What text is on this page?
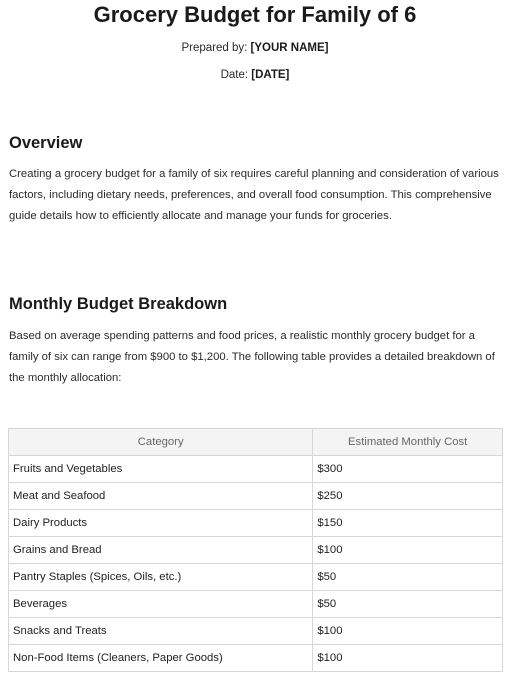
Grocery Budget for Family of 6
Prepared by: [YOUR NAME]
Date: [DATE]
Overview
Creating a grocery budget for a family of six requires careful planning and consideration of various factors, including dietary needs, preferences, and overall food consumption. This comprehensive guide details how to efficiently allocate and manage your funds for groceries.
Monthly Budget Breakdown
Based on average spending patterns and food prices, a realistic monthly grocery budget for a family of six can range from $900 to $1,200. The following table provides a detailed breakdown of the monthly allocation:
Category	Estimated Monthly Cost
Fruits and Vegetables	$300
Meat and Seafood	$250
Dairy Products	$150
Grains and Bread	$100
Pantry Staples (Spices, Oils, etc.)	$50
Beverages	$50
Snacks and Treats	$100
Non-Food Items (Cleaners, Paper Goods)	$100
